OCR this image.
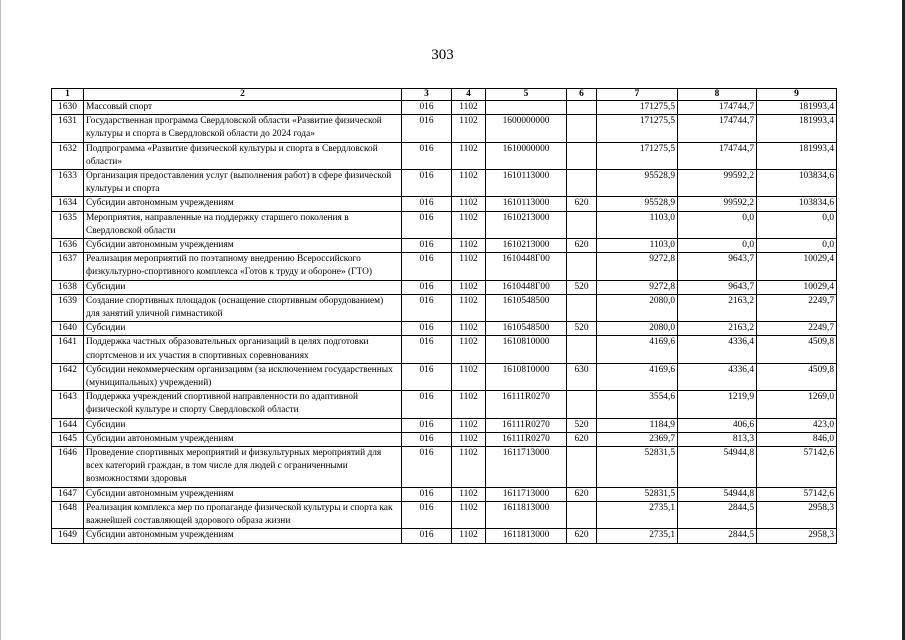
303
1	2	3	4	5	6	7	8	9
1630	Массовый спорт	016	1102			171275,5	174744,7	181993,4
1631	Государственная программа Свердловской области «Развитие физической культуры и спорта в Свердловской области до 2024 года»	016	1102	1600000000		171275,5	174744,7	181993,4
1632	Подпрограмма «Развитие физической культуры и спорта в Свердловской области»	016	1102	1610000000		171275,5	174744,7	181993,4
1633	Организация предоставления услуг (выполнения работ) в сфере физической культуры и спорта	016	1102	1610113000		95528,9	99592,2	103834,6
1634	Субсидии автономным учреждениям	016	1102	1610113000	620	95528,9	99592,2	103834,6
1635	Мероприятия, направленные на поддержку старшего поколения в Свердловской области	016	1102	1610213000		1103,0	0,0	0,0
1636	Субсидии автономным учреждениям	016	1102	1610213000	620	1103,0	0,0	0,0
1637	Реализация мероприятий по поэтапному внедрению Всероссийского физкультурно-спортивного комплекса «Готов к труду и обороне» (ГТО)	016	1102	1610448Г00		9272,8	9643,7	10029,4
1638	Субсидии	016	1102	1610448Г00	520	9272,8	9643,7	10029,4
1639	Создание спортивных площадок (оснащение спортивным оборудованием) для занятий уличной гимнастикой	016	1102	1610548500		2080,0	2163,2	2249,7
1640	Субсидии	016	1102	1610548500	520	2080,0	2163,2	2249,7
1641	Поддержка частных образовательных организаций в целях подготовки спортсменов и их участия в спортивных соревнованиях	016	1102	1610810000		4169,6	4336,4	4509,8
1642	Субсидии некоммерческим организациям (за исключением государственных (муниципальных) учреждений)	016	1102	1610810000	630	4169,6	4336,4	4509,8
1643	Поддержка учреждений спортивной направленности по адаптивной физической культуре и спорту Свердловской области	016	1102	16111R0270		3554,6	1219,9	1269,0
1644	Субсидии	016	1102	16111R0270	520	1184,9	406,6	423,0
1645	Субсидии автономным учреждениям	016	1102	16111R0270	620	2369,7	813,3	846,0
1646	Проведение спортивных мероприятий и физкультурных мероприятий для всех категорий граждан, в том числе для людей с ограниченными возможностями здоровья	016	1102	1611713000		52831,5	54944,8	57142,6
1647	Субсидии автономным учреждениям	016	1102	1611713000	620	52831,5	54944,8	57142,6
1648	Реализация комплекса мер по пропаганде физической культуры и спорта как важнейшей составляющей здорового образа жизни	016	1102	1611813000		2735,1	2844,5	2958,3
1649	Субсидии автономным учреждениям	016	1102	1611813000	620	2735,1	2844,5	2958,3
